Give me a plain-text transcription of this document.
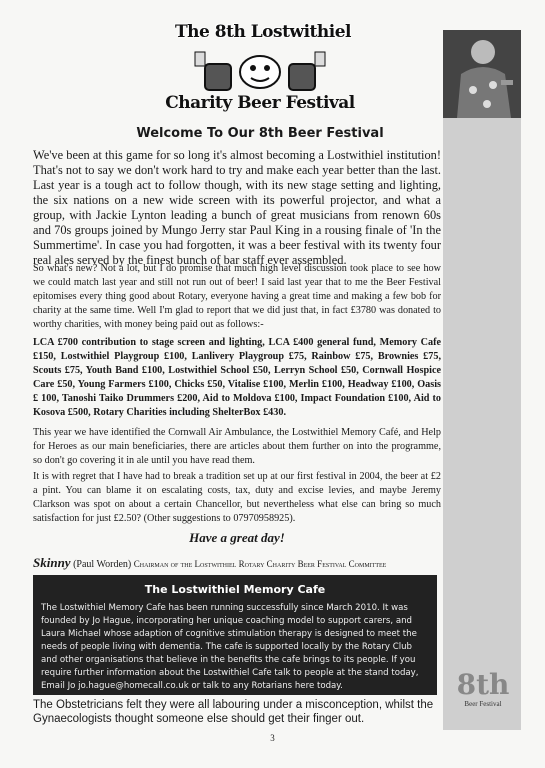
The 8th Lostwithiel
Charity Beer Festival
Welcome To Our 8th Beer Festival

We've been at this game for so long it's almost becoming a Lostwithiel institution! That's not to say we don't work hard to try and make each year better than the last. Last year is a tough act to follow though, with its new stage setting and lighting, the six nations on a new wide screen with its powerful projector, and what a group, with Jackie Lynton leading a bunch of great musicians from renown 60s and 70s groups joined by Mungo Jerry star Paul King in a rousing finale of 'In the Summertime'. In case you had forgotten, it was a beer festival with its twenty four real ales served by the finest bunch of bar staff ever assembled.

So what's new? Not a lot, but I do promise that much high level discussion took place to see how we could match last year and still not run out of beer! I said last year that to me the Beer Festival epitomises every thing good about Rotary, everyone having a great time and making a few bob for charity at the same time. Well I'm glad to report that we did just that, in fact £3780 was donated to worthy charities, with money being paid out as follows:-

LCA £700 contribution to stage screen and lighting, LCA £400 general fund, Memory Cafe £150, Lostwithiel Playgroup £100, Lanlivery Playgroup £75, Rainbow £75, Brownies £75, Scouts £75, Youth Band £100, Lostwithiel School £50, Lerryn School £50, Cornwall Hospice Care £50, Young Farmers £100, Chicks £50, Vitalise £100, Merlin £100, Headway £100, Oasis £ 100, Tanoshi Taiko Drummers £200, Aid to Moldova £100, Impact Foundation £100, Aid to Kosova £500, Rotary Charities including ShelterBox £430.

This year we have identified the Cornwall Air Ambulance, the Lostwithiel Memory Café, and Help for Heroes as our main beneficiaries, there are articles about them further on into the programme, so don't go covering it in ale until you have read them.

It is with regret that I have had to break a tradition set up at our first festival in 2004, the beer at £2 a pint. You can blame it on escalating costs, tax, duty and excise levies, and maybe Jeremy Clarkson was spot on about a certain Chancellor, but nevertheless what else can bring so much satisfaction for just £2.50? (Other suggestions to 07970958925).

Have a great day!
Skinny (Paul Worden) Chairman of the Lostwithiel Rotary Charity Beer Festival Committee
The Lostwithiel Memory Cafe
The Lostwithiel Memory Cafe has been running successfully since March 2010. It was founded by Jo Hague, incorporating her unique coaching model to support carers, and Laura Michael whose adaption of cognitive stimulation therapy is designed to meet the needs of people living with dementia. The cafe is supported locally by the Rotary Club and other organisations that believe in the benefits the cafe brings to its people. If you require further information about the Lostwithiel Cafe talk to people at the stand today, Email Jo jo.hague@homecall.co.uk or talk to any Rotarians here today.	8th
Beer Festival
The Obstetricians felt they were all labouring under a misconception, whilst the Gynaecologists thought someone else should get their finger out.
3
